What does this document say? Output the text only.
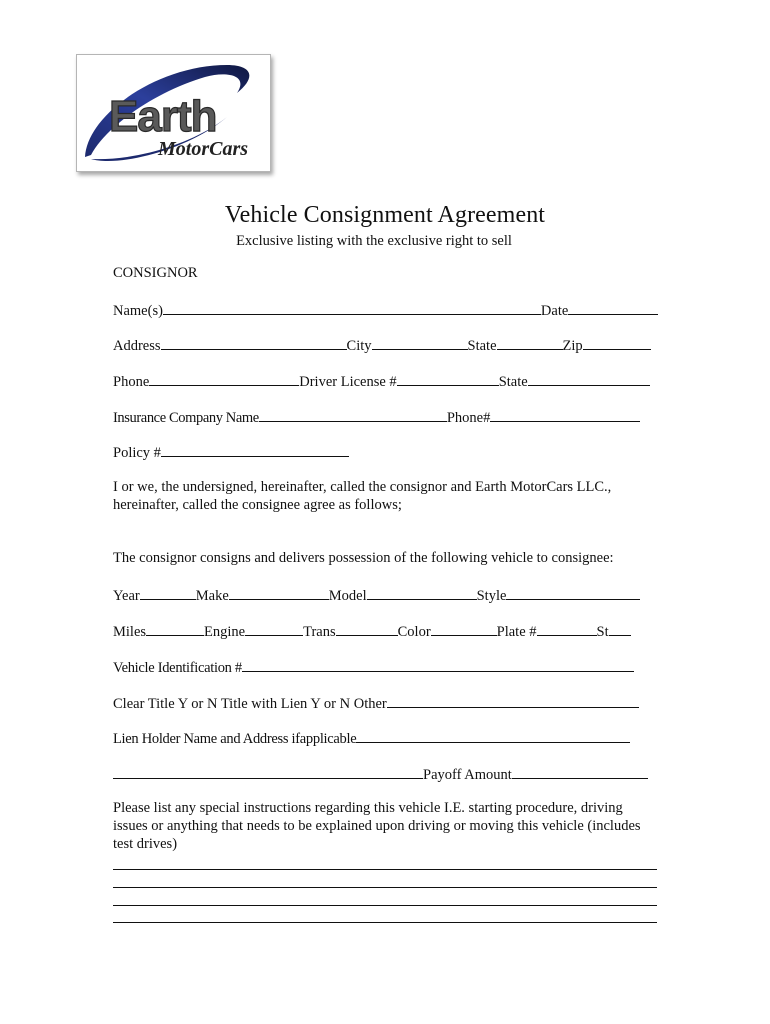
Earth
MotorCars
Vehicle Consignment Agreement
Exclusive listing with the exclusive right to sell
CONSIGNOR
Name(s)	Date
Address	City	State	Zip
Phone	Driver License #	State
Insurance Company Name	Phone#
Policy #
I or we, the undersigned, hereinafter, called the consignor and Earth MotorCars LLC., hereinafter, called the consignee agree as follows;
The consignor consigns and delivers possession of the following vehicle to consignee:
Year	Make	Model	Style
Miles	Engine	Trans	Color	Plate #	St
Vehicle Identification #
Clear Title Y or N Title with Lien Y or N Other
Lien Holder Name and Address ifapplicable
Payoff Amount
Please list any special instructions regarding this vehicle I.E. starting procedure, driving issues or anything that needs to be explained upon driving or moving this vehicle (includes test drives)
